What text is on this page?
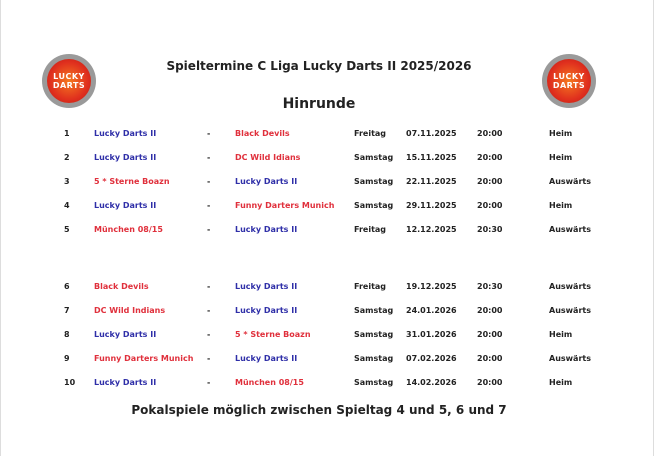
LUCKY
DARTS
LUCKY
DARTS
Spieltermine C Liga Lucky Darts II 2025/2026
Hinrunde
1	Lucky Darts II	-	Black Devils	Freitag 07.11.2025	20:00	Heim
2	Lucky Darts II	-	DC Wild Idians	Samstag 15.11.2025	20:00	Heim
3	5 * Sterne Boazn	-	Lucky Darts II	Samstag 22.11.2025	20:00	Auswärts
4	Lucky Darts II	-	Funny Darters Munich Samstag 29.11.2025	20:00	Heim
5	München 08/15	-	Lucky Darts II	Freitag 12.12.2025	20:30	Auswärts
6	Black Devils	-	Lucky Darts II	Freitag 19.12.2025	20:30	Auswärts
7	DC Wild Indians	-	Lucky Darts II	Samstag 24.01.2026	20:00	Auswärts
8	Lucky Darts II	-	5 * Sterne Boazn	Samstag 31.01.2026	20:00	Heim
9	Funny Darters Munich -	Lucky Darts II	Samstag 07.02.2026	20:00	Auswärts
10 Lucky Darts II	-	München 08/15	Samstag 14.02.2026	20:00	Heim
Pokalspiele möglich zwischen Spieltag 4 und 5, 6 und 7
